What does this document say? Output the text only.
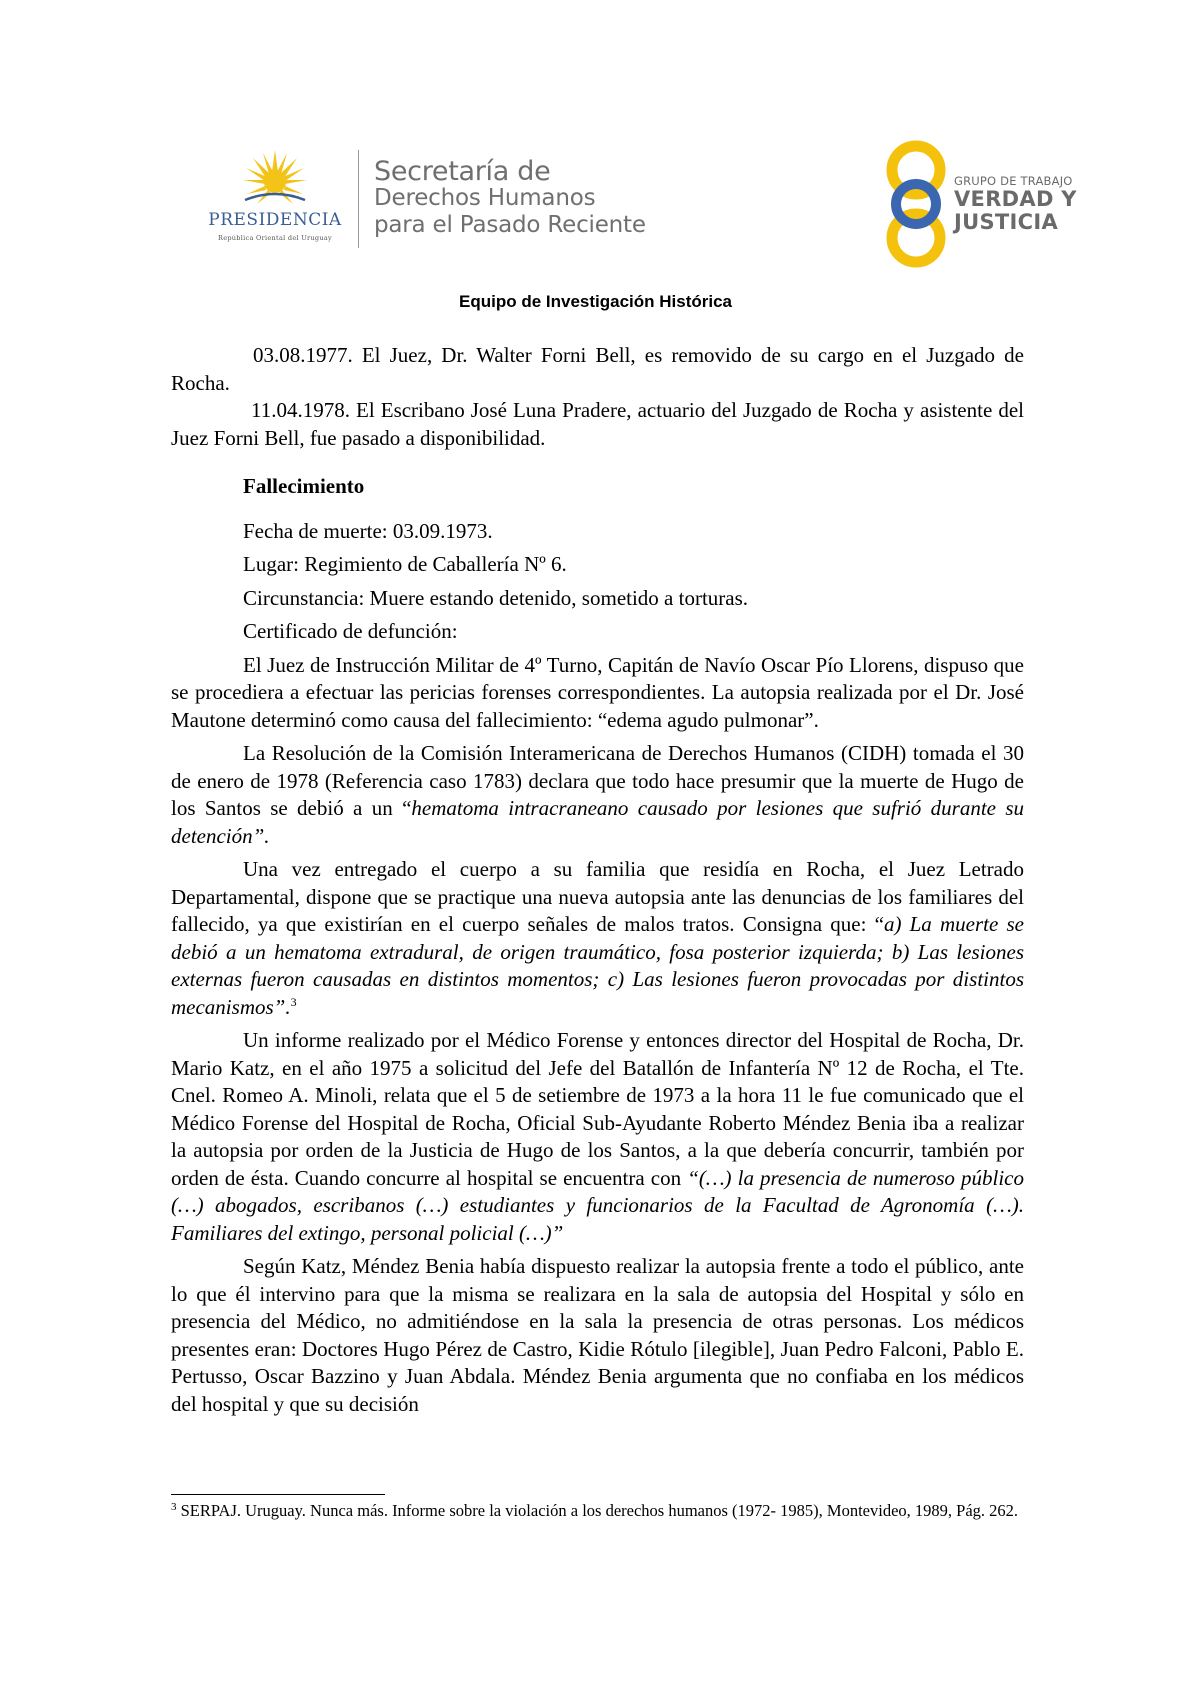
PRESIDENCIA
República Oriental del Uruguay
Secretaría de
Derechos Humanos
para el Pasado Reciente
GRUPO DE TRABAJO
VERDAD Y
JUSTICIA
Equipo de Investigación Histórica

03.08.1977. El Juez, Dr. Walter Forni Bell, es removido de su cargo en el Juzgado de Rocha.

11.04.1978. El Escribano José Luna Pradere, actuario del Juzgado de Rocha y asistente del Juez Forni Bell, fue pasado a disponibilidad.

Fallecimiento

Fecha de muerte: 03.09.1973.

Lugar: Regimiento de Caballería Nº 6.

Circunstancia: Muere estando detenido, sometido a torturas.

Certificado de defunción:

El Juez de Instrucción Militar de 4º Turno, Capitán de Navío Oscar Pío Llorens, dispuso que se procediera a efectuar las pericias forenses correspondientes. La autopsia realizada por el Dr. José Mautone determinó como causa del fallecimiento: “edema agudo pulmonar”.

La Resolución de la Comisión Interamericana de Derechos Humanos (CIDH) tomada el 30 de enero de 1978 (Referencia caso 1783) declara que todo hace presumir que la muerte de Hugo de los Santos se debió a un “hematoma intracraneano causado por lesiones que sufrió durante su detención”.

Una vez entregado el cuerpo a su familia que residía en Rocha, el Juez Letrado Departamental, dispone que se practique una nueva autopsia ante las denuncias de los familiares del fallecido, ya que existirían en el cuerpo señales de malos tratos. Consigna que: “a) La muerte se debió a un hematoma extradural, de origen traumático, fosa posterior izquierda; b) Las lesiones externas fueron causadas en distintos momentos; c) Las lesiones fueron provocadas por distintos mecanismos”.$^3$

Un informe realizado por el Médico Forense y entonces director del Hospital de Rocha, Dr. Mario Katz, en el año 1975 a solicitud del Jefe del Batallón de Infantería Nº 12 de Rocha, el Tte. Cnel. Romeo A. Minoli, relata que el 5 de setiembre de 1973 a la hora 11 le fue comunicado que el Médico Forense del Hospital de Rocha, Oficial Sub-Ayudante Roberto Méndez Benia iba a realizar la autopsia por orden de la Justicia de Hugo de los Santos, a la que debería concurrir, también por orden de ésta. Cuando concurre al hospital se encuentra con “(…) la presencia de numeroso público (…) abogados, escribanos (…) estudiantes y funcionarios de la Facultad de Agronomía (…). Familiares del extingo, personal policial (…)”

Según Katz, Méndez Benia había dispuesto realizar la autopsia frente a todo el público, ante lo que él intervino para que la misma se realizara en la sala de autopsia del Hospital y sólo en presencia del Médico, no admitiéndose en la sala la presencia de otras personas. Los médicos presentes eran: Doctores Hugo Pérez de Castro, Kidie Rótulo [ilegible], Juan Pedro Falconi, Pablo E. Pertusso, Oscar Bazzino y Juan Abdala. Méndez Benia argumenta que no confiaba en los médicos del hospital y que su decisión

$^3$ SERPAJ. Uruguay. Nunca más. Informe sobre la violación a los derechos humanos (1972- 1985), Montevideo, 1989, Pág. 262.
